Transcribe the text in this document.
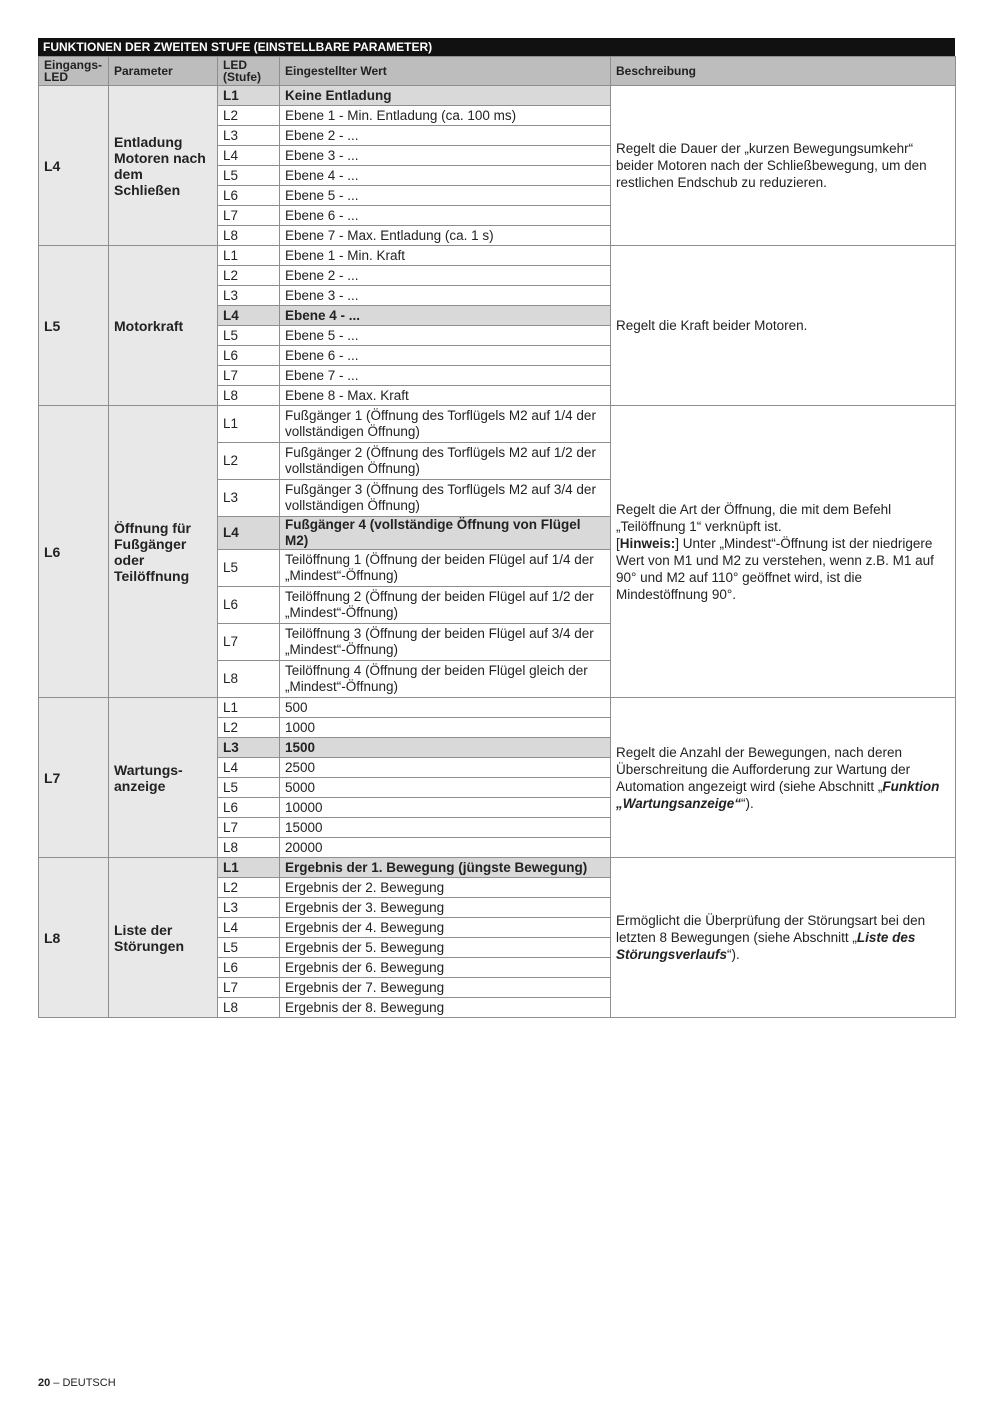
FUNKTIONEN DER ZWEITEN STUFE (EINSTELLBARE PARAMETER)
Eingangs-LED	Parameter	LED (Stufe)	Eingestellter Wert	Beschreibung
L4	Entladung Motoren nach dem Schließen	L1	Keine Entladung	Regelt die Dauer der „kurzen Bewegungsumkehr“ beider Motoren nach der Schließbewegung, um den restlichen Endschub zu reduzieren.
		L2	Ebene 1 - Min. Entladung (ca. 100 ms)	
		L3	Ebene 2 - ...	
		L4	Ebene 3 - ...	
		L5	Ebene 4 - ...	
		L6	Ebene 5 - ...	
		L7	Ebene 6 - ...	
		L8	Ebene 7 - Max. Entladung (ca. 1 s)	
L5	Motorkraft	L1	Ebene 1 - Min. Kraft	Regelt die Kraft beider Motoren.
		L2	Ebene 2 - ...	
		L3	Ebene 3 - ...	
		L4	Ebene 4 - ...	
		L5	Ebene 5 - ...	
		L6	Ebene 6 - ...	
		L7	Ebene 7 - ...	
		L8	Ebene 8 - Max. Kraft	
L6	Öffnung für Fußgänger oder Teilöffnung	L1	Fußgänger 1 (Öffnung des Torflügels M2 auf 1/4 der vollständigen Öffnung)	Regelt die Art der Öffnung, die mit dem Befehl „Teilöffnung 1“ verknüpft ist.
[Hinweis:] Unter „Mindest“-Öffnung ist der niedrigere Wert von M1 und M2 zu verstehen, wenn z.B. M1 auf 90° und M2 auf 110° geöffnet wird, ist die Mindestöffnung 90°.
		L2	Fußgänger 2 (Öffnung des Torflügels M2 auf 1/2 der vollständigen Öffnung)	
		L3	Fußgänger 3 (Öffnung des Torflügels M2 auf 3/4 der vollständigen Öffnung)	
		L4	Fußgänger 4 (vollständige Öffnung von Flügel M2)	
		L5	Teilöffnung 1 (Öffnung der beiden Flügel auf 1/4 der „Mindest“-Öffnung)	
		L6	Teilöffnung 2 (Öffnung der beiden Flügel auf 1/2 der „Mindest“-Öffnung)	
		L7	Teilöffnung 3 (Öffnung der beiden Flügel auf 3/4 der „Mindest“-Öffnung)	
		L8	Teilöffnung 4 (Öffnung der beiden Flügel gleich der „Mindest“-Öffnung)	
L7	Wartungs-anzeige	L1	500	Regelt die Anzahl der Bewegungen, nach deren Überschreitung die Aufforderung zur Wartung der Automation angezeigt wird (siehe Abschnitt „Funktion „Wartungsanzeige““).
		L2	1000	
		L3	1500	
		L4	2500	
		L5	5000	
		L6	10000	
		L7	15000	
		L8	20000	
L8	Liste der Störungen	L1	Ergebnis der 1. Bewegung (jüngste Bewegung)	Ermöglicht die Überprüfung der Störungsart bei den letzten 8 Bewegungen (siehe Abschnitt „Liste des Störungsverlaufs“).
		L2	Ergebnis der 2. Bewegung	
		L3	Ergebnis der 3. Bewegung	
		L4	Ergebnis der 4. Bewegung	
		L5	Ergebnis der 5. Bewegung	
		L6	Ergebnis der 6. Bewegung	
		L7	Ergebnis der 7. Bewegung	
		L8	Ergebnis der 8. Bewegung	
20 – DEUTSCH
